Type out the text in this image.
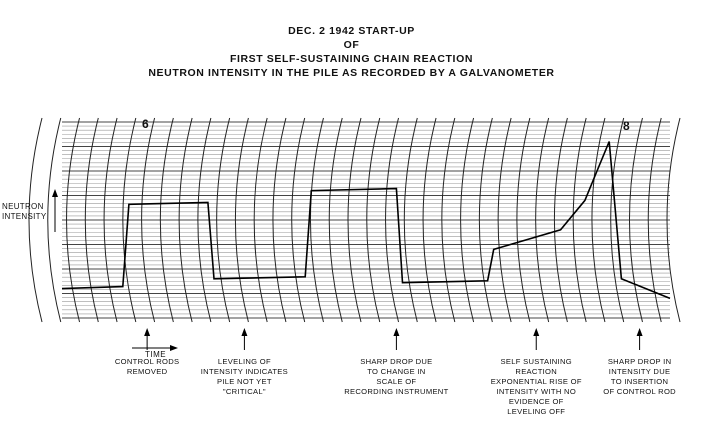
DEC. 2 1942 START-UP
OF
FIRST SELF-SUSTAINING CHAIN REACTION
NEUTRON INTENSITY IN THE PILE AS RECORDED BY A GALVANOMETER
6	8
NEUTRON
INTENSITY
TIME
CONTROL RODS
REMOVED
LEVELING OF
INTENSITY INDICATES
PILE NOT YET
"CRITICAL"
SHARP DROP DUE
TO CHANGE IN
SCALE OF
RECORDING INSTRUMENT
SELF SUSTAINING
REACTION
EXPONENTIAL RISE OF
INTENSITY WITH NO
EVIDENCE OF
LEVELING OFF
SHARP DROP IN
INTENSITY DUE
TO INSERTION
OF CONTROL ROD
